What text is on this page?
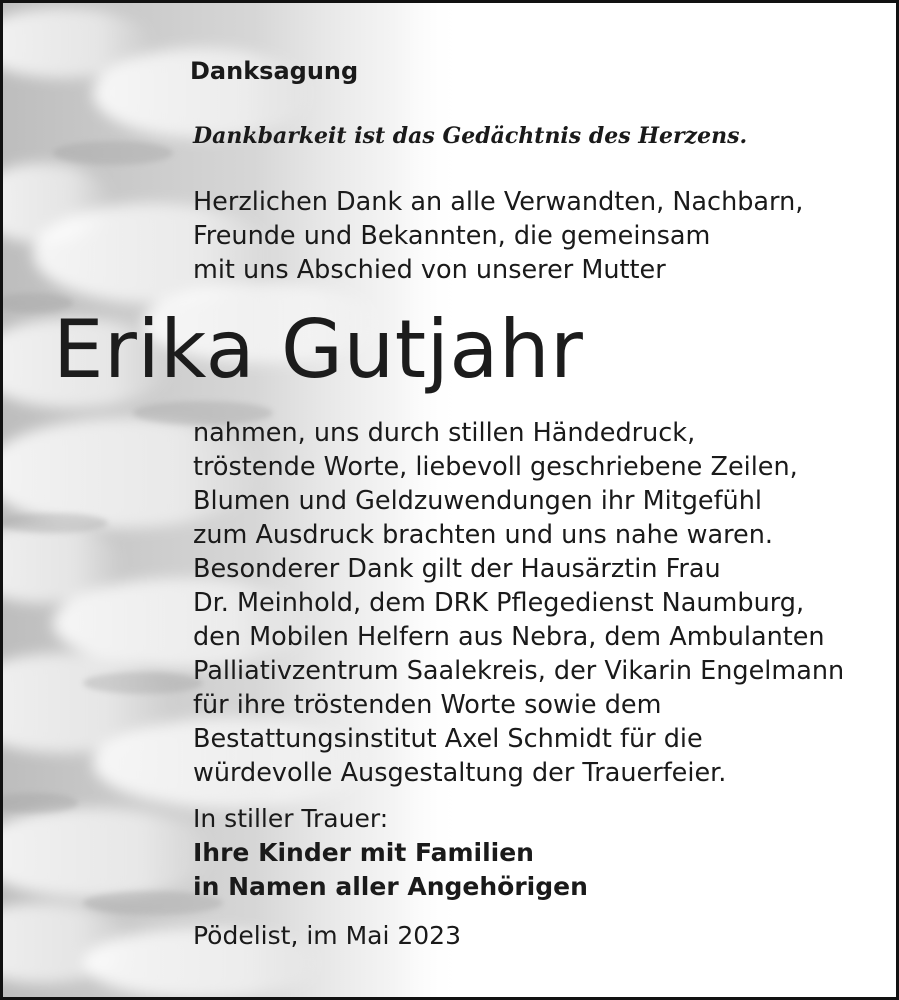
Danksagung

Dankbarkeit ist das Gedächtnis des Herzens.

Herzlichen Dank an alle Verwandten, Nachbarn,
Freunde und Bekannten, die gemeinsam
mit uns Abschied von unserer Mutter
Erika Gutjahr
nahmen, uns durch stillen Händedruck,
tröstende Worte, liebevoll geschriebene Zeilen,
Blumen und Geldzuwendungen ihr Mitgefühl
zum Ausdruck brachten und uns nahe waren.
Besonderer Dank gilt der Hausärztin Frau
Dr. Meinhold, dem DRK Pflegedienst Naumburg,
den Mobilen Helfern aus Nebra, dem Ambulanten
Palliativzentrum Saalekreis, der Vikarin Engelmann
für ihre tröstenden Worte sowie dem
Bestattungsinstitut Axel Schmidt für die
würdevolle Ausgestaltung der Trauerfeier.

In stiller Trauer:

Ihre Kinder mit Familien
in Namen aller Angehörigen

Pödelist, im Mai 2023
